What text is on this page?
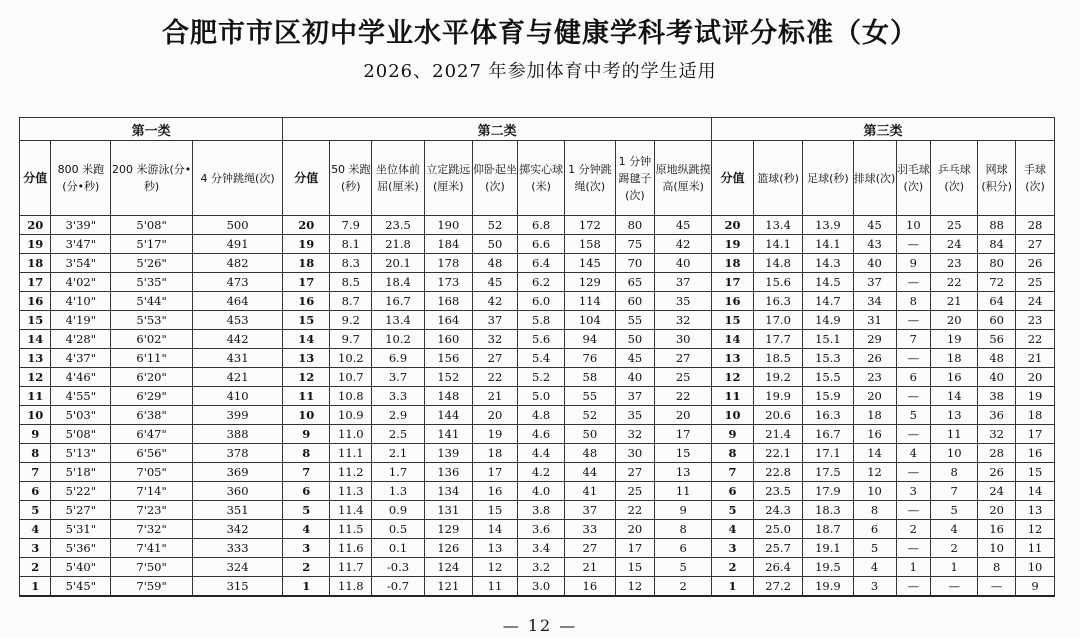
合肥市市区初中学业水平体育与健康学科考试评分标准（女）
2026、2027 年参加体育中考的学生适用
第一类				第二类									第三类							
分值	800 米跑(分•秒)	200 米游泳(分•秒)	4 分钟跳绳(次)	分值	50 米跑(秒)	坐位体前屈(厘米)	立定跳远(厘米)	仰卧起坐(次)	掷实心球(米)	1 分钟跳绳(次)	1 分钟踢毽子(次)	原地纵跳摸高(厘米)	分值	篮球(秒)	足球(秒)	排球(次)	羽毛球(次)	乒乓球(次)	网球(积分)	手球(次)
20	3'39"	5'08"	500	20	7.9	23.5	190	52	6.8	172	80	45	20	13.4	13.9	45	10	25	88	28
19	3'47"	5'17"	491	19	8.1	21.8	184	50	6.6	158	75	42	19	14.1	14.1	43	—	24	84	27
18	3'54"	5'26"	482	18	8.3	20.1	178	48	6.4	145	70	40	18	14.8	14.3	40	9	23	80	26
17	4'02"	5'35"	473	17	8.5	18.4	173	45	6.2	129	65	37	17	15.6	14.5	37	—	22	72	25
16	4'10"	5'44"	464	16	8.7	16.7	168	42	6.0	114	60	35	16	16.3	14.7	34	8	21	64	24
15	4'19"	5'53"	453	15	9.2	13.4	164	37	5.8	104	55	32	15	17.0	14.9	31	—	20	60	23
14	4'28"	6'02"	442	14	9.7	10.2	160	32	5.6	94	50	30	14	17.7	15.1	29	7	19	56	22
13	4'37"	6'11"	431	13	10.2	6.9	156	27	5.4	76	45	27	13	18.5	15.3	26	—	18	48	21
12	4'46"	6'20"	421	12	10.7	3.7	152	22	5.2	58	40	25	12	19.2	15.5	23	6	16	40	20
11	4'55"	6'29"	410	11	10.8	3.3	148	21	5.0	55	37	22	11	19.9	15.9	20	—	14	38	19
10	5'03"	6'38"	399	10	10.9	2.9	144	20	4.8	52	35	20	10	20.6	16.3	18	5	13	36	18
9	5'08"	6'47"	388	9	11.0	2.5	141	19	4.6	50	32	17	9	21.4	16.7	16	—	11	32	17
8	5'13"	6'56"	378	8	11.1	2.1	139	18	4.4	48	30	15	8	22.1	17.1	14	4	10	28	16
7	5'18"	7'05"	369	7	11.2	1.7	136	17	4.2	44	27	13	7	22.8	17.5	12	—	8	26	15
6	5'22"	7'14"	360	6	11.3	1.3	134	16	4.0	41	25	11	6	23.5	17.9	10	3	7	24	14
5	5'27"	7'23"	351	5	11.4	0.9	131	15	3.8	37	22	9	5	24.3	18.3	8	—	5	20	13
4	5'31"	7'32"	342	4	11.5	0.5	129	14	3.6	33	20	8	4	25.0	18.7	6	2	4	16	12
3	5'36"	7'41"	333	3	11.6	0.1	126	13	3.4	27	17	6	3	25.7	19.1	5	—	2	10	11
2	5'40"	7'50"	324	2	11.7	-0.3	124	12	3.2	21	15	5	2	26.4	19.5	4	1	1	8	10
1	5'45"	7'59"	315	1	11.8	-0.7	121	11	3.0	16	12	2	1	27.2	19.9	3	—	—	—	9
— 12 —
